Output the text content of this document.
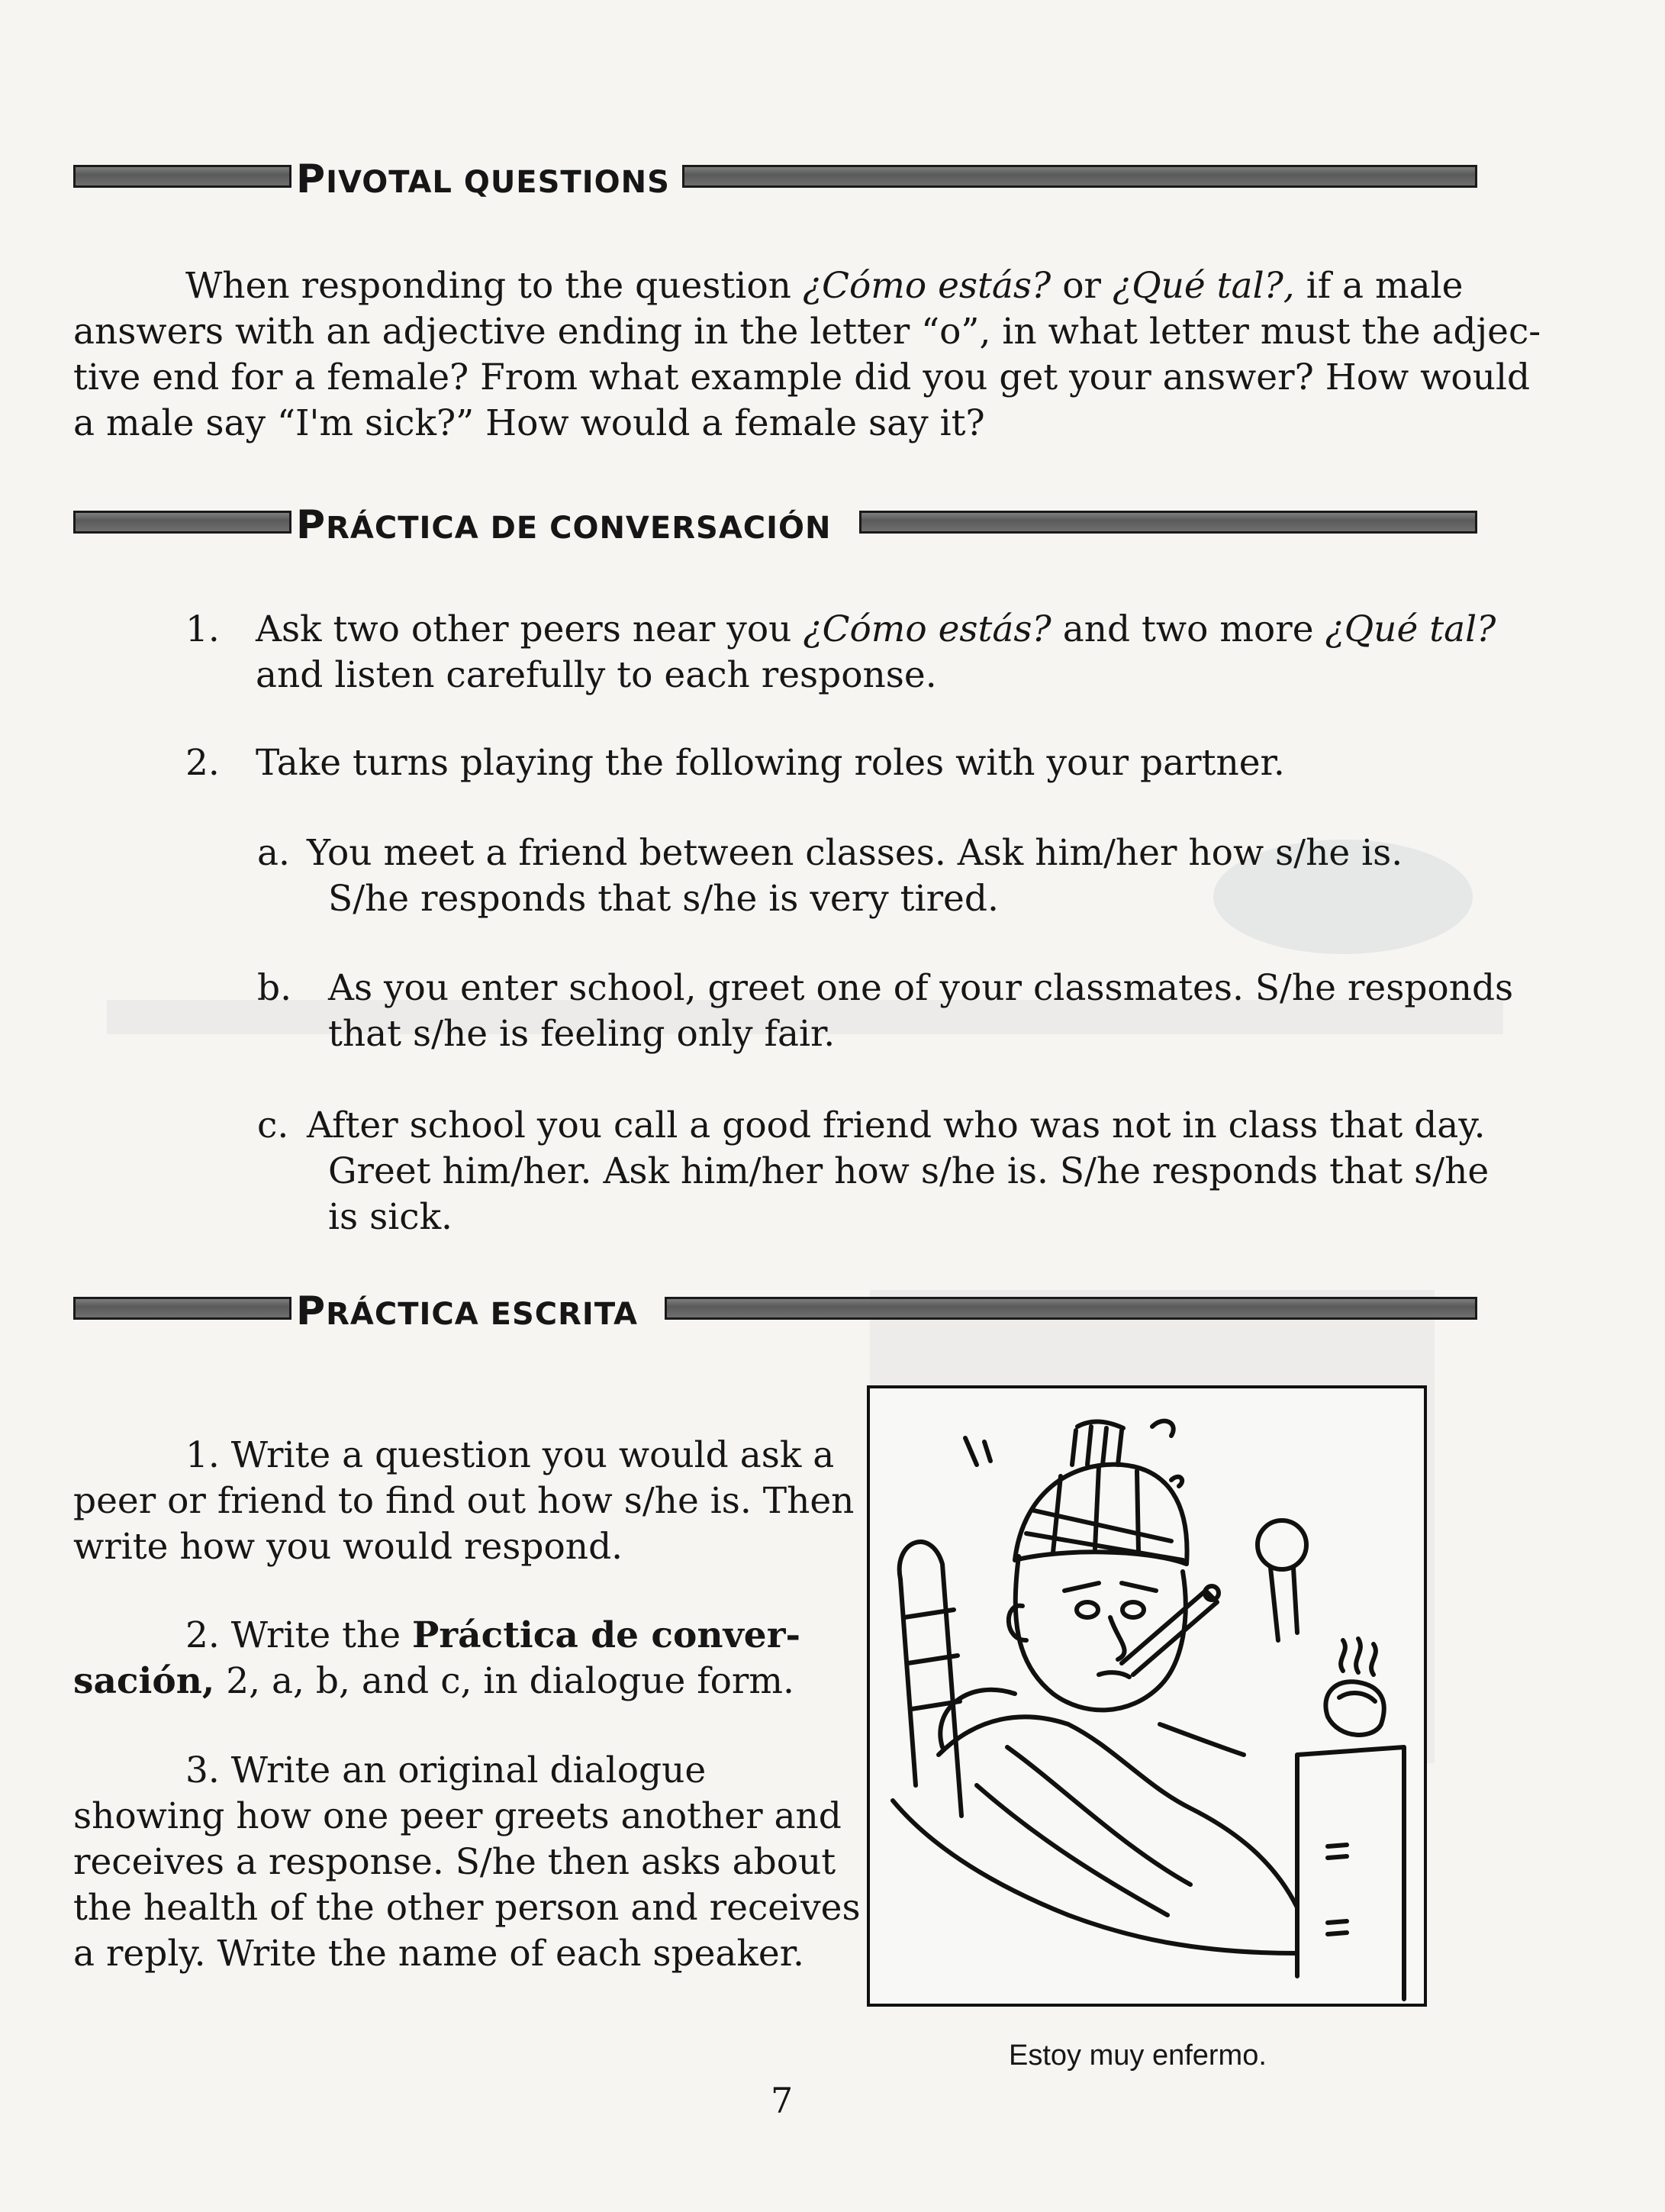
PIVOTAL QUESTIONS
When responding to the question ¿Cómo estás? or ¿Qué tal?, if a male
answers with an adjective ending in the letter “o”, in what letter must the adjec-
tive end for a female? From what example did you get your answer? How would
a male say “I'm sick?” How would a female say it?
PRÁCTICA DE CONVERSACIÓN
1. Ask two other peers near you ¿Cómo estás? and two more ¿Qué tal?
and listen carefully to each response.
2. Take turns playing the following roles with your partner.
a. You meet a friend between classes. Ask him/her how s/he is.
S/he responds that s/he is very tired.
b. As you enter school, greet one of your classmates. S/he responds
that s/he is feeling only fair.
c. After school you call a good friend who was not in class that day.
Greet him/her. Ask him/her how s/he is. S/he responds that s/he
is sick.
PRÁCTICA ESCRITA
1. Write a question you would ask a
peer or friend to find out how s/he is. Then
write how you would respond.
2. Write the Práctica de conver-
sación, 2, a, b, and c, in dialogue form.
3. Write an original dialogue
showing how one peer greets another and
receives a response. S/he then asks about
the health of the other person and receives
a reply. Write the name of each speaker.
Estoy muy enfermo.
7
